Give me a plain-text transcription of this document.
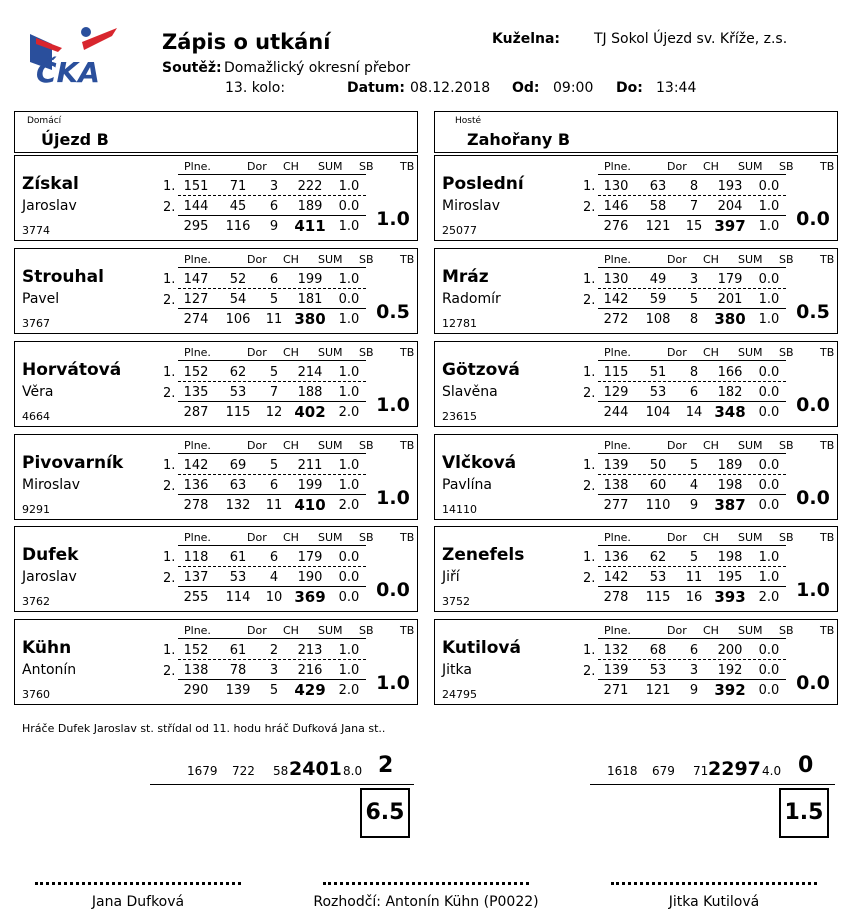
ČKA
Zápis o utkání	Kuželna: TJ Sokol Újezd sv. Kříže, z.s.
Soutěž: Domažlický okresní přebor
13. kolo:	Datum: 08.12.2018 Od: 09:00 Do: 13:44
Domácí
Újezd B
Hosté
Zahořany B
Plne.	Dor CH SUM SB TB
Získal
Jaroslav
3774
1.
2.
151	71	3	222	1.0
144	45	6	189	0.0
295	116	9	411	1.0 1.0
Plne.	Dor CH SUM SB TB
Strouhal
Pavel
3767
1.
2.
147	52	6	199	1.0
127	54	5	181	0.0
274	106	11 380	1.0 0.5
Plne.	Dor CH SUM SB TB
Horvátová
Věra
4664
1.
2.
152	62	5	214	1.0
135	53	7	188	1.0
287	115	12 402	2.0 1.0
Plne.	Dor CH SUM SB TB
Pivovarník
Miroslav
9291
1.
2.
142	69	5	211	1.0
136	63	6	199	1.0
278	132	11 410	2.0 1.0
Plne.	Dor CH SUM SB TB
Dufek
Jaroslav
3762
1.
2.
118	61	6	179	0.0
137	53	4	190	0.0
255	114	10 369	0.0 0.0
Plne.	Dor CH SUM SB TB
Kühn
Antonín
3760
1.
2.
152	61	2	213	1.0
138	78	3	216	1.0
290	139	5	429	2.0 1.0
Plne.	Dor CH SUM SB TB
Poslední
Miroslav
25077
1.
2.
130	63	8	193	0.0
146	58	7	204	1.0
276	121	15 397	1.0 0.0
Plne.	Dor CH SUM SB TB
Mráz
Radomír
12781
1.
2.
130	49	3	179	0.0
142	59	5	201	1.0
272	108	8	380	1.0 0.5
Plne.	Dor CH SUM SB TB
Götzová
Slavěna
23615
1.
2.
115	51	8	166	0.0
129	53	6	182	0.0
244	104	14 348	0.0 0.0
Plne.	Dor CH SUM SB TB
Vlčková
Pavlína
14110
1.
2.
139	50	5	189	0.0
138	60	4	198	0.0
277	110	9	387	0.0 0.0
Plne.	Dor CH SUM SB TB
Zenefels
Jiří
3752
1.
2.
136	62	5	198	1.0
142	53	11	195	1.0
278	115	16 393	2.0 1.0
Plne.	Dor CH SUM SB TB
Kutilová
Jitka
24795
1.
2.
132	68	6	200	0.0
139	53	3	192	0.0
271	121	9	392	0.0 0.0
Hráče Dufek Jaroslav st. střídal od 11. hodu hráč Dufková Jana st..
1679 722 58 2401 8.0 2
6.5
1618 679 71 2297 4.0 0
1.5
Jana Dufková	Rozhodčí: Antonín Kühn (P0022)	Jitka Kutilová
